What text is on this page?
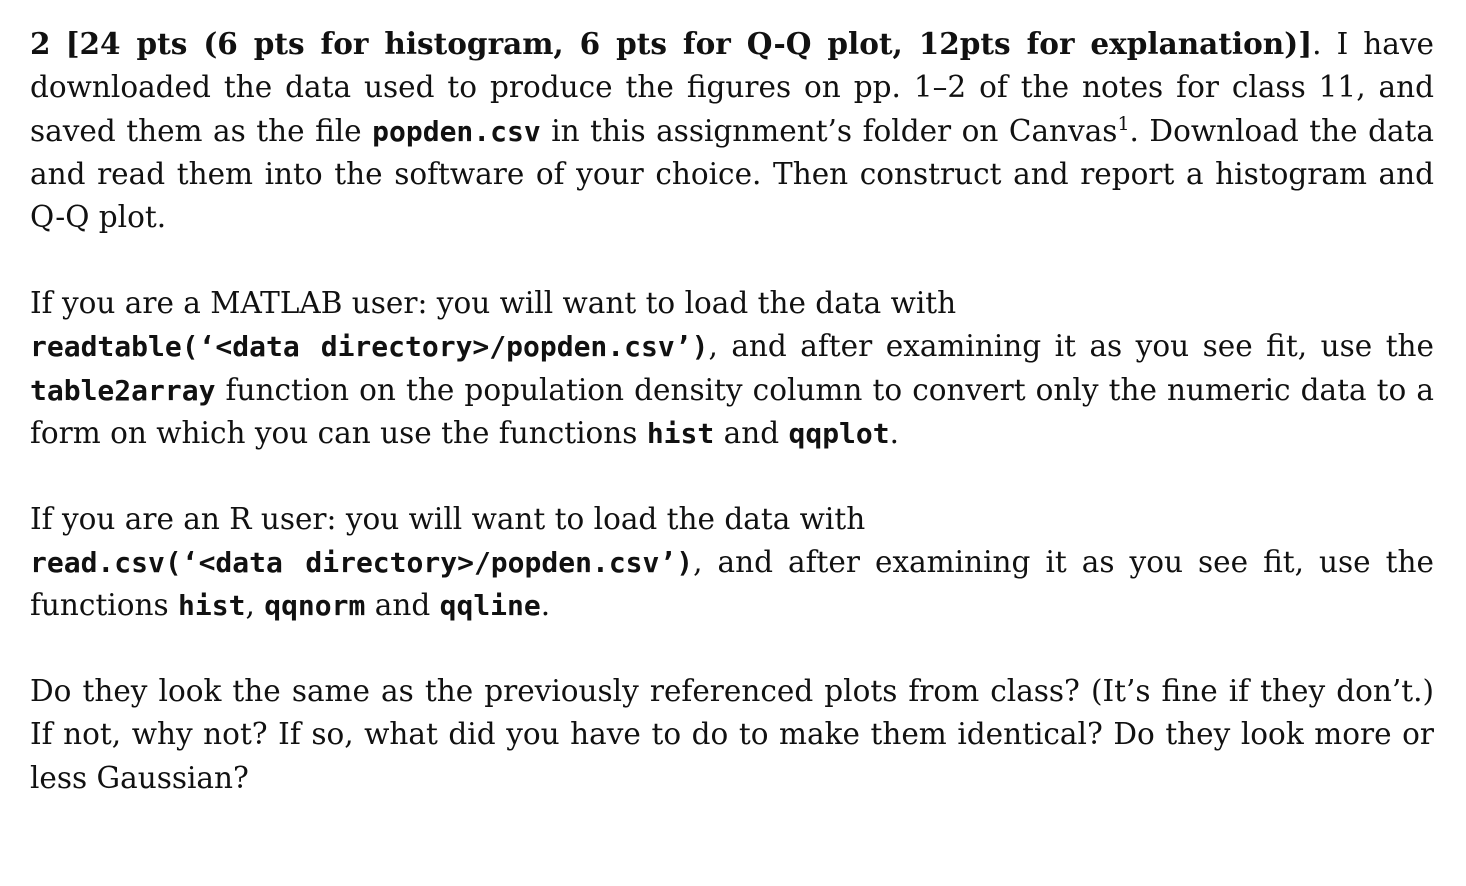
2 [24 pts (6 pts for histogram, 6 pts for Q-Q plot, 12pts for explanation)]. I have downloaded the data used to produce the figures on pp. 1–2 of the notes for class 11, and saved them as the file popden.csv in this assignment’s folder on Canvas$^1$. Download the data and read them into the software of your choice. Then construct and report a histogram and Q-Q plot.

If you are a MATLAB user: you will want to load the data with
readtable(‘<data directory>/popden.csv’), and after examining it as you see fit, use the table2array function on the population density column to convert only the numeric data to a form on which you can use the functions hist and qqplot.

If you are an R user: you will want to load the data with
read.csv(‘<data directory>/popden.csv’), and after examining it as you see fit, use the functions hist, qqnorm and qqline.

Do they look the same as the previously referenced plots from class? (It’s fine if they don’t.) If not, why not? If so, what did you have to do to make them identical? Do they look more or less Gaussian?
